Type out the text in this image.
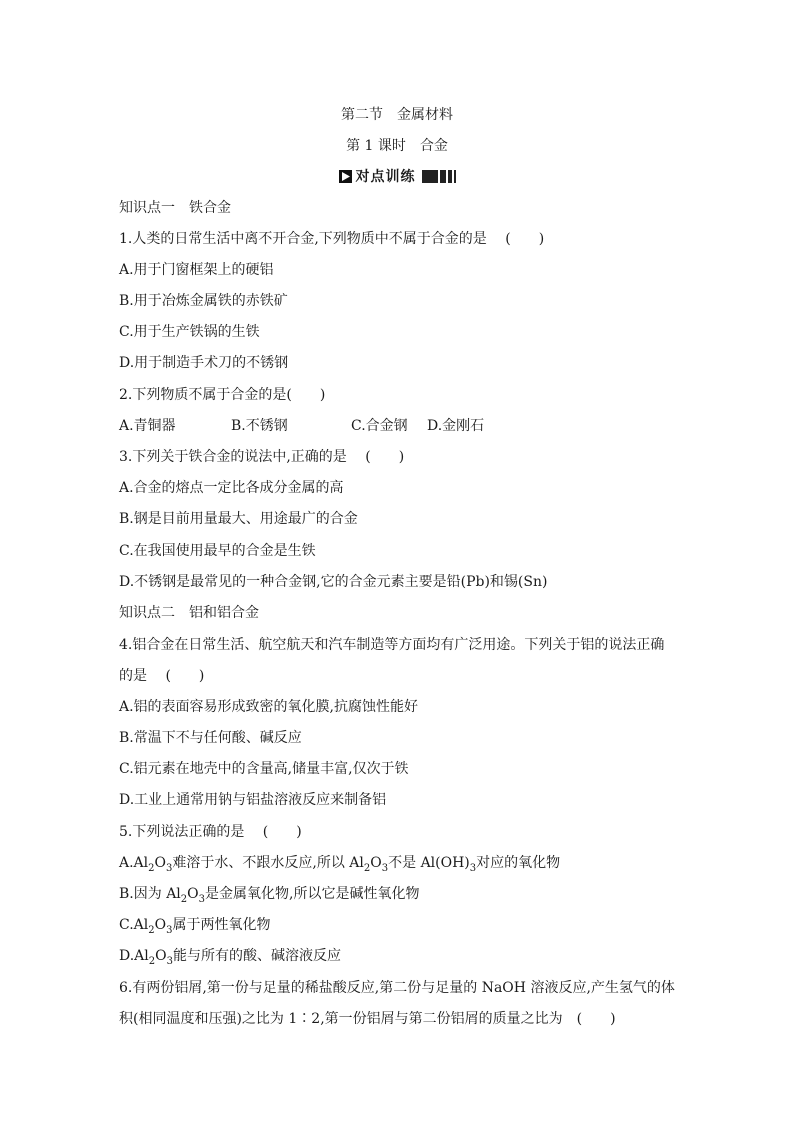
第二节　金属材料
第 1 课时　合金
对点训练
知识点一　铁合金
1.人类的日常生活中离不开合金,下列物质中不属于合金的是　 (　　)
A.用于门窗框架上的硬铝
B.用于冶炼金属铁的赤铁矿
C.用于生产铁锅的生铁
D.用于制造手术刀的不锈钢
2.下列物质不属于合金的是(　　)
A.青铜器	B.不锈钢	C.合金钢 D.金刚石
3.下列关于铁合金的说法中,正确的是　 (　　)
A.合金的熔点一定比各成分金属的高
B.钢是目前用量最大、用途最广的合金
C.在我国使用最早的合金是生铁
D.不锈钢是最常见的一种合金钢,它的合金元素主要是铅(Pb)和锡(Sn)
知识点二　铝和铝合金
4.铝合金在日常生活、航空航天和汽车制造等方面均有广泛用途。下列关于铝的说法正确
的是　 (　　)
A.铝的表面容易形成致密的氧化膜,抗腐蚀性能好
B.常温下不与任何酸、碱反应
C.铝元素在地壳中的含量高,储量丰富,仅次于铁
D.工业上通常用钠与铝盐溶液反应来制备铝
5.下列说法正确的是　 (　　)
$A.Al_2O_3$难溶于水、不跟水反应,所以 $Al_2O_3$不是 $Al(OH)_3$对应的氧化物
B.因为 $Al_2O_3$是金属氧化物,所以它是碱性氧化物
$C.Al_2O_3$属于两性氧化物
$D.Al_2O_3$能与所有的酸、碱溶液反应
6.有两份铝屑,第一份与足量的稀盐酸反应,第二份与足量的 NaOH 溶液反应,产生氢气的体
积(相同温度和压强)之比为 1∶2,第一份铝屑与第二份铝屑的质量之比为　(　　)
